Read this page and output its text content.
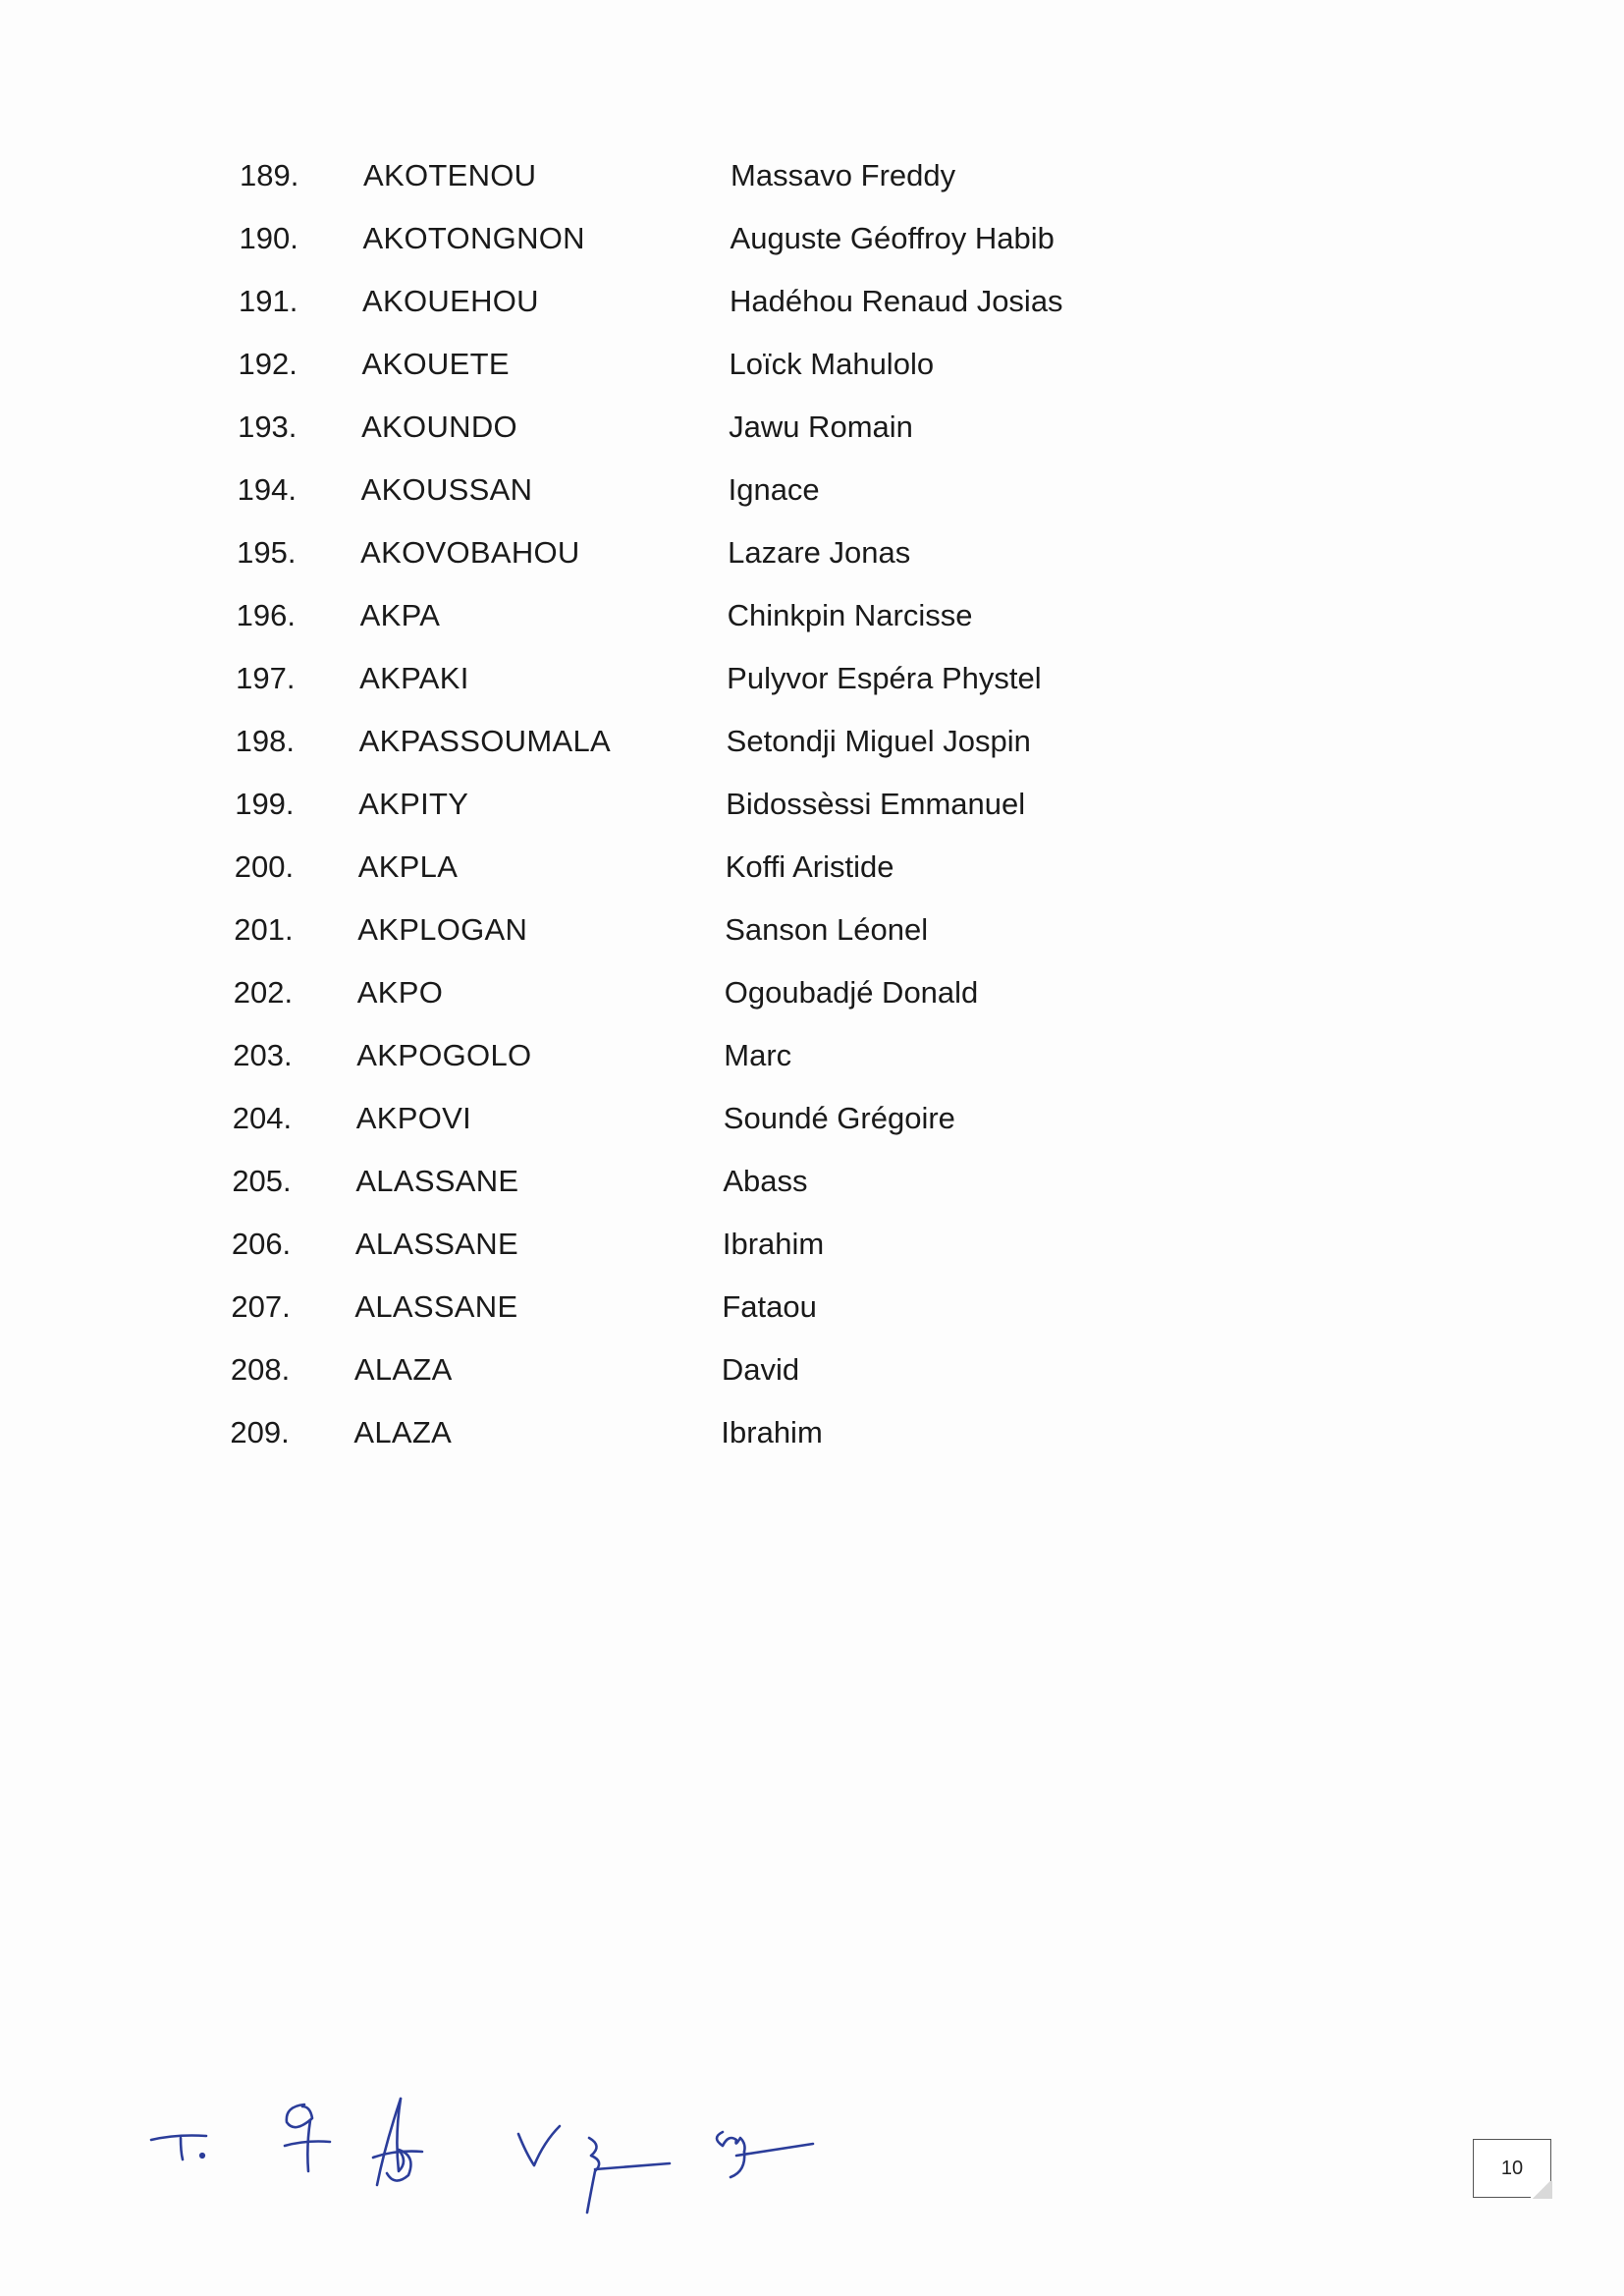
189. AKOTENOU	Massavo Freddy
190. AKOTONGNON	Auguste Géoffroy Habib
191. AKOUEHOU	Hadéhou Renaud Josias
192. AKOUETE	Loïck Mahulolo
193. AKOUNDO	Jawu Romain
194. AKOUSSAN	Ignace
195. AKOVOBAHOU	Lazare Jonas
196. AKPA	Chinkpin Narcisse
197. AKPAKI	Pulyvor Espéra Phystel
198. AKPASSOUMALA	Setondji Miguel Jospin
199. AKPITY	Bidossèssi Emmanuel
200. AKPLA	Koffi Aristide
201. AKPLOGAN	Sanson Léonel
202. AKPO	Ogoubadjé Donald
203. AKPOGOLO	Marc
204. AKPOVI	Soundé Grégoire
205. ALASSANE	Abass
206. ALASSANE	Ibrahim
207. ALASSANE	Fataou
208. ALAZA	David
209. ALAZA	Ibrahim
10
